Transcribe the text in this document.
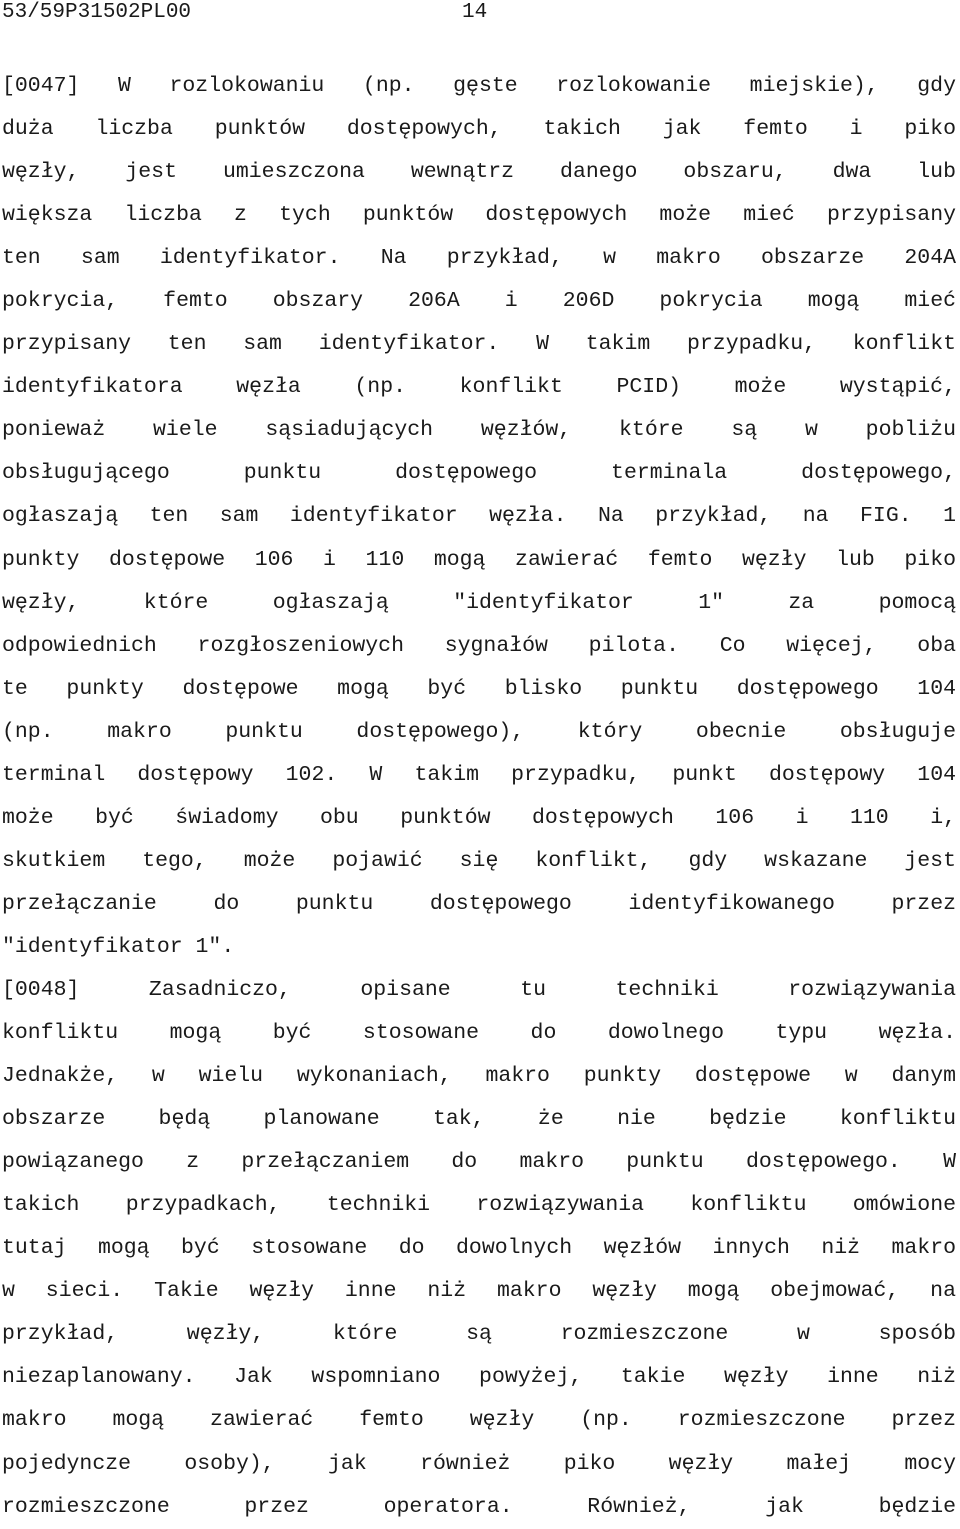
53/59P31502PL00	14
[0047] W rozlokowaniu (np. gęste rozlokowanie miejskie), gdy
duża liczba punktów dostępowych, takich jak femto i piko
węzły, jest umieszczona wewnątrz danego obszaru, dwa lub
większa liczba z tych punktów dostępowych może mieć przypisany
ten sam identyfikator. Na przykład, w makro obszarze 204A
pokrycia, femto obszary 206A i 206D pokrycia mogą mieć
przypisany ten sam identyfikator. W takim przypadku, konflikt
identyfikatora węzła (np. konflikt PCID) może wystąpić,
ponieważ wiele sąsiadujących węzłów, które są w pobliżu
obsługującego punktu dostępowego terminala dostępowego,
ogłaszają ten sam identyfikator węzła. Na przykład, na FIG. 1
punkty dostępowe 106 i 110 mogą zawierać femto węzły lub piko
węzły, które ogłaszają "identyfikator 1" za pomocą
odpowiednich rozgłoszeniowych sygnałów pilota. Co więcej, oba
te punkty dostępowe mogą być blisko punktu dostępowego 104
(np. makro punktu dostępowego), który obecnie obsługuje
terminal dostępowy 102. W takim przypadku, punkt dostępowy 104
może być świadomy obu punktów dostępowych 106 i 110 i,
skutkiem tego, może pojawić się konflikt, gdy wskazane jest
przełączanie do punktu dostępowego identyfikowanego przez
"identyfikator 1".
[0048] Zasadniczo, opisane tu techniki rozwiązywania
konfliktu mogą być stosowane do dowolnego typu węzła.
Jednakże, w wielu wykonaniach, makro punkty dostępowe w danym
obszarze będą planowane tak, że nie będzie konfliktu
powiązanego z przełączaniem do makro punktu dostępowego. W
takich przypadkach, techniki rozwiązywania konfliktu omówione
tutaj mogą być stosowane do dowolnych węzłów innych niż makro
w sieci. Takie węzły inne niż makro węzły mogą obejmować, na
przykład, węzły, które są rozmieszczone w sposób
niezaplanowany. Jak wspomniano powyżej, takie węzły inne niż
makro mogą zawierać femto węzły (np. rozmieszczone przez
pojedyncze osoby), jak również piko węzły małej mocy
rozmieszczone przez operatora. Również, jak będzie
